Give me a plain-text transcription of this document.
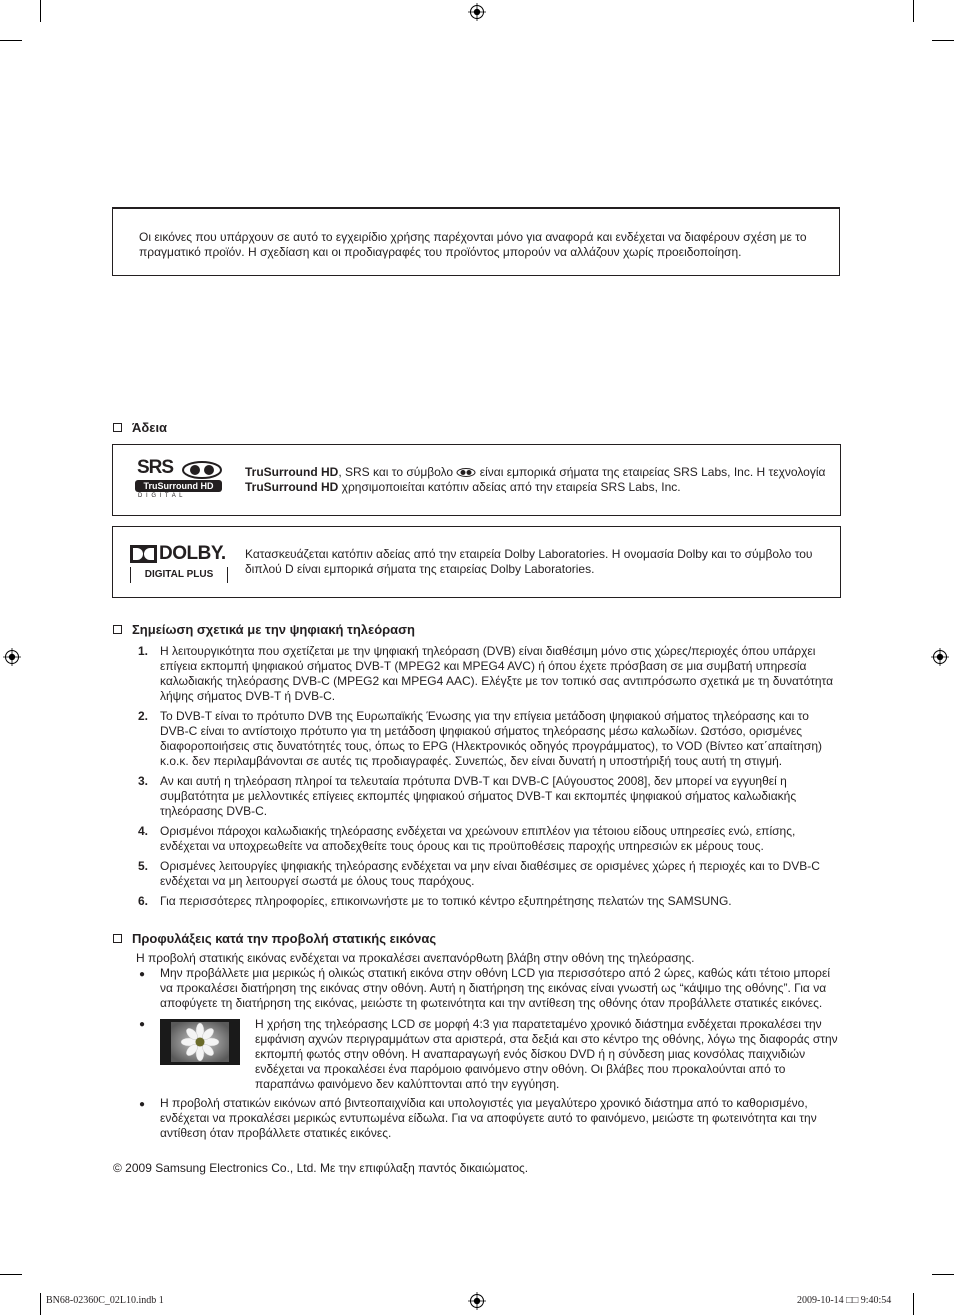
Οι εικόνες που υπάρχουν σε αυτό το εγχειρίδιο χρήσης παρέχονται μόνο για αναφορά και ενδέχεται να διαφέρουν σχέση με το πραγματικό προϊόν. Η σχεδίαση και οι προδιαγραφές του προϊόντος μπορούν να αλλάζουν χωρίς προειδοποίηση.
Άδεια
SRS
TruSurround HD
D I G I T A L
TruSurround HD, SRS και το σύμβολο  είναι εμπορικά σήματα της εταιρείας SRS Labs, Inc. Η τεχνολογία TruSurround HD χρησιμοποιείται κατόπιν αδείας από την εταιρεία SRS Labs, Inc.
DOLBY.
DIGITAL PLUS
Κατασκευάζεται κατόπιν αδείας από την εταιρεία Dolby Laboratories. Η ονομασία Dolby και το σύμβολο του διπλού D είναι εμπορικά σήματα της εταιρείας Dolby Laboratories.
Σημείωση σχετικά με την ψηφιακή τηλεόραση
1. Η λειτουργικότητα που σχετίζεται με την ψηφιακή τηλεόραση (DVB) είναι διαθέσιμη μόνο στις χώρες/περιοχές όπου υπάρχει επίγεια εκπομπή ψηφιακού σήματος DVB-T (MPEG2 και MPEG4 AVC) ή όπου έχετε πρόσβαση σε μια συμβατή υπηρεσία καλωδιακής τηλεόρασης DVB-C (MPEG2 και MPEG4 AAC). Ελέγξτε με τον τοπικό σας αντιπρόσωπο σχετικά με τη δυνατότητα λήψης σήματος DVB-T ή DVB-C.
2. Το DVB-T είναι το πρότυπο DVB της Ευρωπαϊκής Ένωσης για την επίγεια μετάδοση ψηφιακού σήματος τηλεόρασης και το DVB-C είναι το αντίστοιχο πρότυπο για τη μετάδοση ψηφιακού σήματος τηλεόρασης μέσω καλωδίων. Ωστόσο, ορισμένες διαφοροποιήσεις στις δυνατότητές τους, όπως το EPG (Ηλεκτρονικός οδηγός προγράμματος), το VOD (Βίντεο κατ΄απαίτηση) κ.ο.κ. δεν περιλαμβάνονται σε αυτές τις προδιαγραφές. Συνεπώς, δεν είναι δυνατή η υποστήριξή τους αυτή τη στιγμή.
3. Αν και αυτή η τηλεόραση πληροί τα τελευταία πρότυπα DVB-T και DVB-C [Αύγουστος 2008], δεν μπορεί να εγγυηθεί η συμβατότητα με μελλοντικές επίγειες εκπομπές ψηφιακού σήματος DVB-T και εκπομπές ψηφιακού σήματος καλωδιακής τηλεόρασης DVB-C.
4. Ορισμένοι πάροχοι καλωδιακής τηλεόρασης ενδέχεται να χρεώνουν επιπλέον για τέτοιου είδους υπηρεσίες ενώ, επίσης, ενδέχεται να υποχρεωθείτε να αποδεχθείτε τους όρους και τις προϋποθέσεις παροχής υπηρεσιών εκ μέρους τους.
5. Ορισμένες λειτουργίες ψηφιακής τηλεόρασης ενδέχεται να μην είναι διαθέσιμες σε ορισμένες χώρες ή περιοχές και το DVB-C ενδέχεται να μη λειτουργεί σωστά με όλους τους παρόχους.
6. Για περισσότερες πληροφορίες, επικοινωνήστε με το τοπικό κέντρο εξυπηρέτησης πελατών της SAMSUNG.
Προφυλάξεις κατά την προβολή στατικής εικόνας
Η προβολή στατικής εικόνας ενδέχεται να προκαλέσει ανεπανόρθωτη βλάβη στην οθόνη της τηλεόρασης.
● Μην προβάλλετε μια μερικώς ή ολικώς στατική εικόνα στην οθόνη LCD για περισσότερο από 2 ώρες, καθώς κάτι τέτοιο μπορεί να προκαλέσει διατήρηση της εικόνας στην οθόνη. Αυτή η διατήρηση της εικόνας είναι γνωστή ως “κάψιμο της οθόνης”. Για να αποφύγετε τη διατήρηση της εικόνας, μειώστε τη φωτεινότητα και την αντίθεση της οθόνης όταν προβάλλετε στατικές εικόνες.
●	Η χρήση της τηλεόρασης LCD σε μορφή 4:3 για παρατεταμένο χρονικό διάστημα ενδέχεται προκαλέσει την εμφάνιση αχνών περιγραμμάτων στα αριστερά, στα δεξιά και στο κέντρο της οθόνης, λόγω της διαφοράς στην εκπομπή φωτός στην οθόνη. Η αναπαραγωγή ενός δίσκου DVD ή η σύνδεση μιας κονσόλας παιχνιδιών ενδέχεται να προκαλέσει ένα παρόμοιο φαινόμενο στην οθόνη. Οι βλάβες που προκαλούνται από το παραπάνω φαινόμενο δεν καλύπτονται από την εγγύηση.
● Η προβολή στατικών εικόνων από βιντεοπαιχνίδια και υπολογιστές για μεγαλύτερο χρονικό διάστημα από το καθορισμένο, ενδέχεται να προκαλέσει μερικώς εντυπωμένα είδωλα. Για να αποφύγετε αυτό το φαινόμενο, μειώστε τη φωτεινότητα και την αντίθεση όταν προβάλλετε στατικές εικόνες.
© 2009 Samsung Electronics Co., Ltd. Με την επιφύλαξη παντός δικαιώματος.
BN68-02360C_02L10.indb 1	2009-10-14 □□ 9:40:54
